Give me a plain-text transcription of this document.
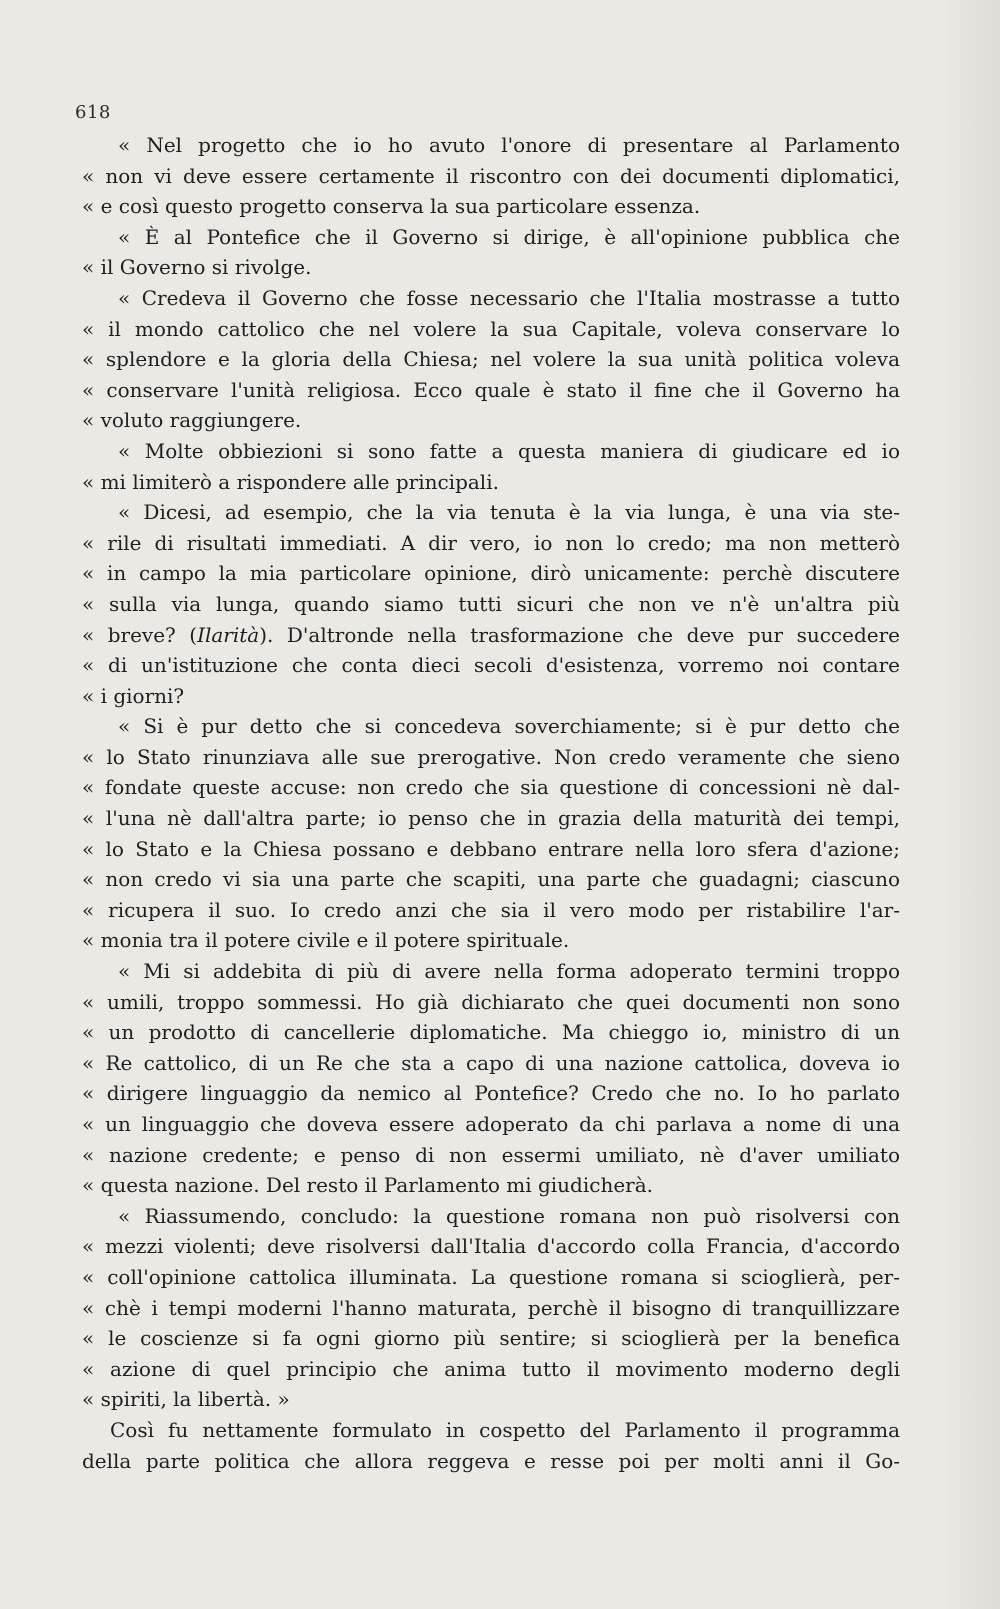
618
« Nel progetto che io ho avuto l'onore di presentare al Parlamento
« non vi deve essere certamente il riscontro con dei documenti diplomatici,
« e così questo progetto conserva la sua particolare essenza.
« È al Pontefice che il Governo si dirige, è all'opinione pubblica che
« il Governo si rivolge.
« Credeva il Governo che fosse necessario che l'Italia mostrasse a tutto
« il mondo cattolico che nel volere la sua Capitale, voleva conservare lo
« splendore e la gloria della Chiesa; nel volere la sua unità politica voleva
« conservare l'unità religiosa. Ecco quale è stato il fine che il Governo ha
« voluto raggiungere.
« Molte obbiezioni si sono fatte a questa maniera di giudicare ed io
« mi limiterò a rispondere alle principali.
« Dicesi, ad esempio, che la via tenuta è la via lunga, è una via ste-
« rile di risultati immediati. A dir vero, io non lo credo; ma non metterò
« in campo la mia particolare opinione, dirò unicamente: perchè discutere
« sulla via lunga, quando siamo tutti sicuri che non ve n'è un'altra più
« breve? (Ilarità). D'altronde nella trasformazione che deve pur succedere
« di un'istituzione che conta dieci secoli d'esistenza, vorremo noi contare
« i giorni?
« Si è pur detto che si concedeva soverchiamente; si è pur detto che
« lo Stato rinunziava alle sue prerogative. Non credo veramente che sieno
« fondate queste accuse: non credo che sia questione di concessioni nè dal-
« l'una nè dall'altra parte; io penso che in grazia della maturità dei tempi,
« lo Stato e la Chiesa possano e debbano entrare nella loro sfera d'azione;
« non credo vi sia una parte che scapiti, una parte che guadagni; ciascuno
« ricupera il suo. Io credo anzi che sia il vero modo per ristabilire l'ar-
« monia tra il potere civile e il potere spirituale.
« Mi si addebita di più di avere nella forma adoperato termini troppo
« umili, troppo sommessi. Ho già dichiarato che quei documenti non sono
« un prodotto di cancellerie diplomatiche. Ma chieggo io, ministro di un
« Re cattolico, di un Re che sta a capo di una nazione cattolica, doveva io
« dirigere linguaggio da nemico al Pontefice? Credo che no. Io ho parlato
« un linguaggio che doveva essere adoperato da chi parlava a nome di una
« nazione credente; e penso di non essermi umiliato, nè d'aver umiliato
« questa nazione. Del resto il Parlamento mi giudicherà.
« Riassumendo, concludo: la questione romana non può risolversi con
« mezzi violenti; deve risolversi dall'Italia d'accordo colla Francia, d'accordo
« coll'opinione cattolica illuminata. La questione romana si scioglierà, per-
« chè i tempi moderni l'hanno maturata, perchè il bisogno di tranquillizzare
« le coscienze si fa ogni giorno più sentire; si scioglierà per la benefica
« azione di quel principio che anima tutto il movimento moderno degli
« spiriti, la libertà. »
Così fu nettamente formulato in cospetto del Parlamento il programma
della parte politica che allora reggeva e resse poi per molti anni il Go-
